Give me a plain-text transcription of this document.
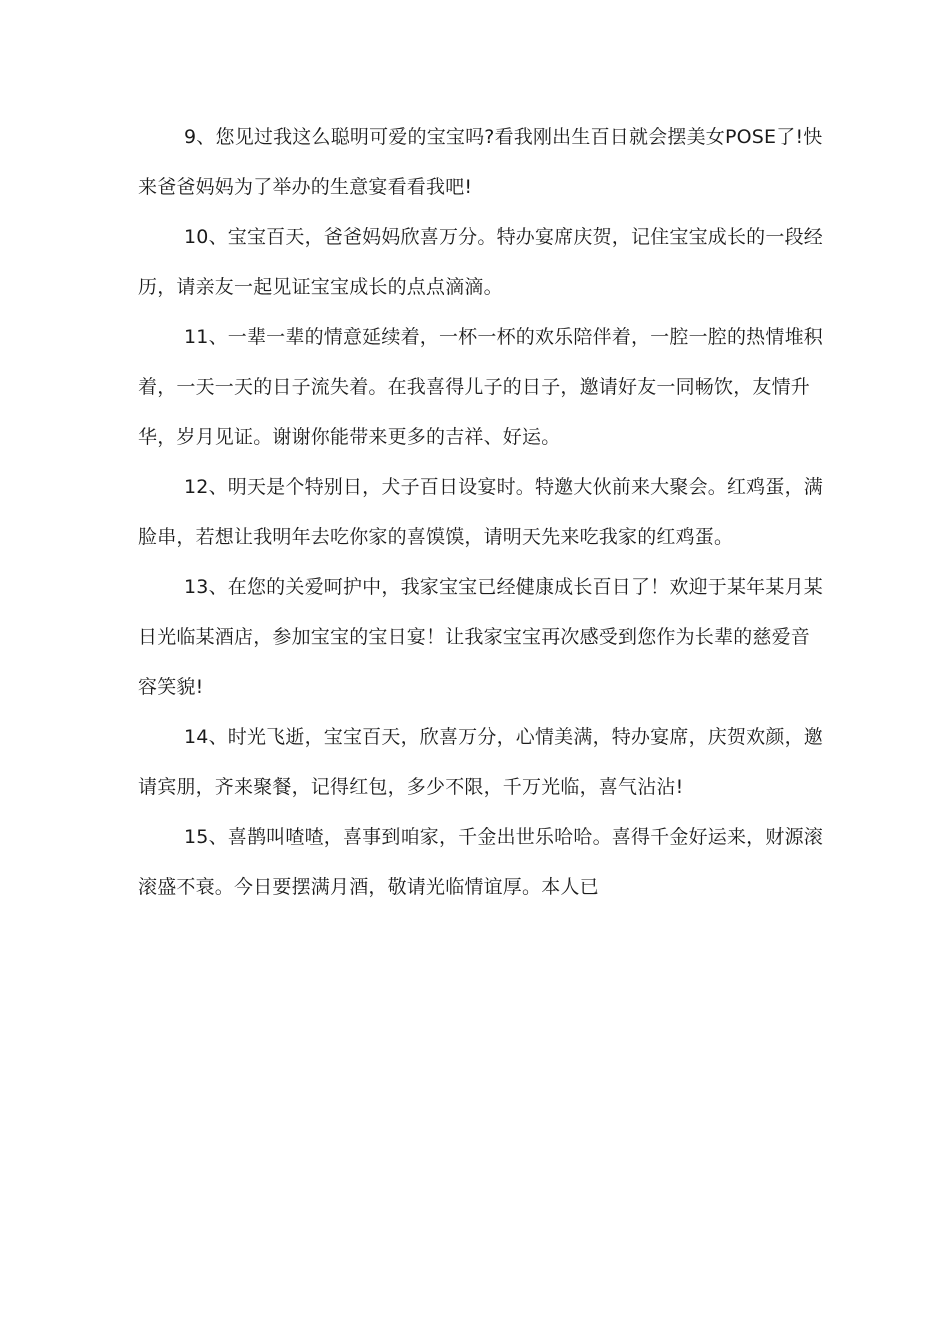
9、您见过我这么聪明可爱的宝宝吗?看我刚出生百日就会摆美女POSE了!快来爸爸妈妈为了举办的生意宴看看我吧!

10、宝宝百天，爸爸妈妈欣喜万分。特办宴席庆贺，记住宝宝成长的一段经历，请亲友一起见证宝宝成长的点点滴滴。

11、一辈一辈的情意延续着，一杯一杯的欢乐陪伴着，一腔一腔的热情堆积着，一天一天的日子流失着。在我喜得儿子的日子，邀请好友一同畅饮，友情升华，岁月见证。谢谢你能带来更多的吉祥、好运。

12、明天是个特别日，犬子百日设宴时。特邀大伙前来大聚会。红鸡蛋，满脸串，若想让我明年去吃你家的喜馍馍，请明天先来吃我家的红鸡蛋。

13、在您的关爱呵护中，我家宝宝已经健康成长百日了！欢迎于某年某月某日光临某酒店，参加宝宝的宝日宴！让我家宝宝再次感受到您作为长辈的慈爱音容笑貌!

14、时光飞逝，宝宝百天，欣喜万分，心情美满，特办宴席，庆贺欢颜，邀请宾朋，齐来聚餐，记得红包，多少不限，千万光临，喜气沾沾!

15、喜鹊叫喳喳，喜事到咱家，千金出世乐哈哈。喜得千金好运来，财源滚滚盛不衰。今日要摆满月酒，敬请光临情谊厚。本人已
